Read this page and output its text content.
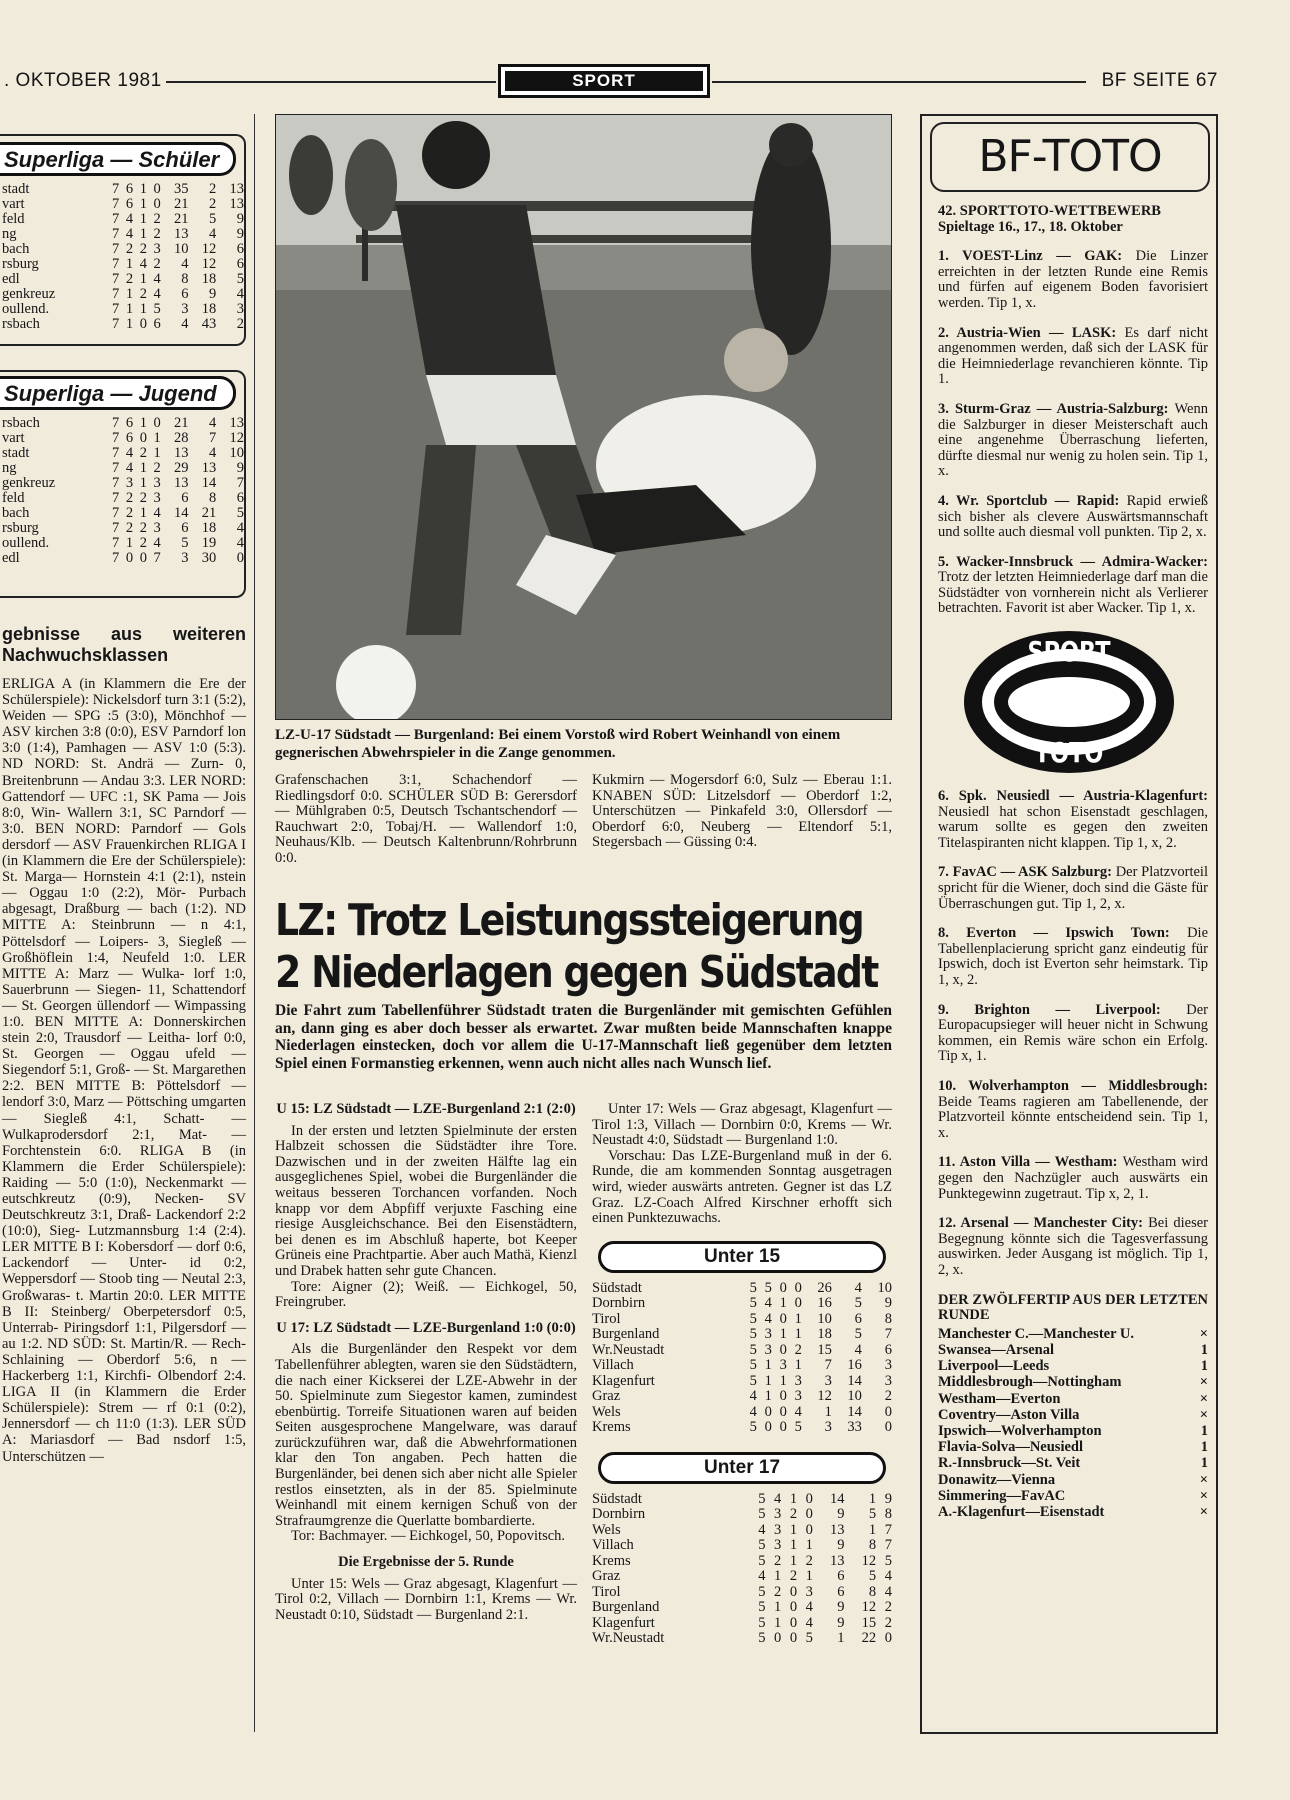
. OKTOBER 1981	SPORT	BF SEITE 67
Superliga — Schüler
stadt	7	6	1	0	35	2	13
vart	7	6	1	0	21	2	13
feld	7	4	1	2	21	5	9
ng	7	4	1	2	13	4	9
bach	7	2	2	3	10	12	6
rsburg	7	1	4	2	4	12	6
edl	7	2	1	4	8	18	5
genkreuz	7	1	2	4	6	9	4
oullend.	7	1	1	5	3	18	3
rsbach	7	1	0	6	4	43	2
Superliga — Jugend
rsbach	7	6	1	0	21	4	13
vart	7	6	0	1	28	7	12
stadt	7	4	2	1	13	4	10
ng	7	4	1	2	29	13	9
genkreuz	7	3	1	3	13	14	7
feld	7	2	2	3	6	8	6
bach	7	2	1	4	14	21	5
rsburg	7	2	2	3	6	18	4
oullend.	7	1	2	4	5	19	4
edl	7	0	0	7	3	30	0
gebnisse aus weiteren Nachwuchsklassen

ERLIGA A (in Klammern die Ere der Schülerspiele): Nickelsdorf turn 3:1 (5:2), Weiden — SPG :5 (3:0), Mönchhof — ASV kirchen 3:8 (0:0), ESV Parndorf lon 3:0 (1:4), Pamhagen — ASV 1:0 (5:3). ND NORD: St. Andrä — Zurn- 0, Breitenbrunn — Andau 3:3. LER NORD: Gattendorf — UFC :1, SK Pama — Jois 8:0, Win- Wallern 3:1, SC Parndorf — 3:0. BEN NORD: Parndorf — Gols dersdorf — ASV Frauenkirchen RLIGA I (in Klammern die Ere der Schülerspiele): St. Marga— Hornstein 4:1 (2:1), nstein — Oggau 1:0 (2:2), Mör- Purbach abgesagt, Draßburg — bach (1:2). ND MITTE A: Steinbrunn — n 4:1, Pöttelsdorf — Loipers- 3, Siegleß — Großhöflein 1:4, Neufeld 1:0. LER MITTE A: Marz — Wulka- lorf 1:0, Sauerbrunn — Siegen- 11, Schattendorf — St. Georgen üllendorf — Wimpassing 1:0. BEN MITTE A: Donnerskirchen stein 2:0, Trausdorf — Leitha- lorf 0:0, St. Georgen — Oggau ufeld — Siegendorf 5:1, Groß- — St. Margarethen 2:2. BEN MITTE B: Pöttelsdorf — lendorf 3:0, Marz — Pöttsching umgarten — Siegleß 4:1, Schatt- — Wulkaprodersdorf 2:1, Mat- — Forchtenstein 6:0. RLIGA B (in Klammern die Erder Schülerspiele): Raiding — 5:0 (1:0), Neckenmarkt — eutschkreutz (0:9), Necken- SV Deutschkreutz 3:1, Draß- Lackendorf 2:2 (10:0), Sieg- Lutzmannsburg 1:4 (2:4). LER MITTE B I: Kobersdorf — dorf 0:6, Lackendorf — Unter- id 0:2, Weppersdorf — Stoob ting — Neutal 2:3, Großwaras- t. Martin 20:0. LER MITTE B II: Steinberg/ Oberpetersdorf 0:5, Unterrab- Piringsdorf 1:1, Pilgersdorf — au 1:2. ND SÜD: St. Martin/R. — Rech- Schlaining — Oberdorf 5:6, n — Hackerberg 1:1, Kirchfi- Olbendorf 2:4. LIGA II (in Klammern die Erder Schülerspiele): Strem — rf 0:1 (0:2), Jennersdorf — ch 11:0 (1:3). LER SÜD A: Mariasdorf — Bad nsdorf 1:5, Unterschützen —

LZ-U-17 Südstadt — Burgenland: Bei einem Vorstoß wird Robert Weinhandl von einem gegnerischen Abwehrspieler in die Zange genommen.
Grafenschachen 3:1, Schachendorf — Riedlingsdorf 0:0. SCHÜLER SÜD B: Gerersdorf — Mühlgraben 0:5, Deutsch Tschantschendorf — Rauchwart 2:0, Tobaj/H. — Wallendorf 1:0, Neuhaus/Klb. — Deutsch Kaltenbrunn/Rohrbrunn 0:0.
Kukmirn — Mogersdorf 6:0, Sulz — Eberau 1:1. KNABEN SÜD: Litzelsdorf — Oberdorf 1:2, Unterschützen — Pinkafeld 3:0, Ollersdorf — Oberdorf 6:0, Neuberg — Eltendorf 5:1, Stegersbach — Güssing 0:4.
LZ: Trotz Leistungssteigerung
2 Niederlagen gegen Südstadt
Die Fahrt zum Tabellenführer Südstadt traten die Burgenländer mit gemischten Gefühlen an, dann ging es aber doch besser als erwartet. Zwar mußten beide Mannschaften knappe Niederlagen einstecken, doch vor allem die U-17-Mannschaft ließ gegenüber dem letzten Spiel einen Formanstieg erkennen, wenn auch nicht alles nach Wunsch lief.

U 15: LZ Südstadt — LZE-Burgenland 2:1 (2:0)

In der ersten und letzten Spielminute der ersten Halbzeit schossen die Südstädter ihre Tore. Dazwischen und in der zweiten Hälfte lag ein ausgeglichenes Spiel, wobei die Burgenländer die weitaus besseren Torchancen vorfanden. Noch knapp vor dem Abpfiff verjuxte Fasching eine riesige Ausgleichschance. Bei den Eisenstädtern, bei denen es im Abschluß haperte, bot Keeper Grüneis eine Prachtpartie. Aber auch Mathä, Kienzl und Drabek hatten sehr gute Chancen.

Tore: Aigner (2); Weiß. — Eichkogel, 50, Freingruber.

U 17: LZ Südstadt — LZE-Burgenland 1:0 (0:0)

Als die Burgenländer den Respekt vor dem Tabellenführer ablegten, waren sie den Südstädtern, die nach einer Kickserei der LZE-Abwehr in der 50. Spielminute zum Siegestor kamen, zumindest ebenbürtig. Torreife Situationen waren auf beiden Seiten ausgesprochene Mangelware, was darauf zurückzuführen war, daß die Abwehrformationen klar den Ton angaben. Pech hatten die Burgenländer, bei denen sich aber nicht alle Spieler restlos einsetzten, als in der 85. Spielminute Weinhandl mit einem kernigen Schuß von der Strafraumgrenze die Querlatte bombardierte.

Tor: Bachmayer. — Eichkogel, 50, Popovitsch.

Die Ergebnisse der 5. Runde

Unter 15: Wels — Graz abgesagt, Klagenfurt — Tirol 0:2, Villach — Dornbirn 1:1, Krems — Wr. Neustadt 0:10, Südstadt — Burgenland 2:1.

Unter 17: Wels — Graz abgesagt, Klagenfurt — Tirol 1:3, Villach — Dornbirn 0:0, Krems — Wr. Neustadt 4:0, Südstadt — Burgenland 1:0.

Vorschau: Das LZE-Burgenland muß in der 6. Runde, die am kommenden Sonntag ausgetragen wird, wieder auswärts antreten. Gegner ist das LZ Graz. LZ-Coach Alfred Kirschner erhofft sich einen Punktezuwachs.

Unter 15
Südstadt	5	5	0	0	26	4	10
Dornbirn	5	4	1	0	16	5	9
Tirol	5	4	0	1	10	6	8
Burgenland	5	3	1	1	18	5	7
Wr.Neustadt	5	3	0	2	15	4	6
Villach	5	1	3	1	7	16	3
Klagenfurt	5	1	1	3	3	14	3
Graz	4	1	0	3	12	10	2
Wels	4	0	0	4	1	14	0
Krems	5	0	0	5	3	33	0
Unter 17
Südstadt	5	4	1	0	14	1	9
Dornbirn	5	3	2	0	9	5	8
Wels	4	3	1	0	13	1	7
Villach	5	3	1	1	9	8	7
Krems	5	2	1	2	13	12	5
Graz	4	1	2	1	6	5	4
Tirol	5	2	0	3	6	8	4
Burgenland	5	1	0	4	9	12	2
Klagenfurt	5	1	0	4	9	15	2
Wr.Neustadt	5	0	0	5	1	22	0
BF-TOTO
42. SPORTTOTO-WETTBEWERB
Spieltage 16., 17., 18. Oktober
1. VOEST-Linz — GAK: Die Linzer erreichten in der letzten Runde eine Remis und fürfen auf eigenem Boden favorisiert werden. Tip 1, x.
2. Austria-Wien — LASK: Es darf nicht angenommen werden, daß sich der LASK für die Heimniederlage revanchieren könnte. Tip 1.
3. Sturm-Graz — Austria-Salzburg: Wenn die Salzburger in dieser Meisterschaft auch eine angenehme Überraschung lieferten, dürfte diesmal nur wenig zu holen sein. Tip 1, x.
4. Wr. Sportclub — Rapid: Rapid erwieß sich bisher als clevere Auswärtsmannschaft und sollte auch diesmal voll punkten. Tip 2, x.
5. Wacker-Innsbruck — Admira-Wacker: Trotz der letzten Heimniederlage darf man die Südstädter von vornherein nicht als Verlierer betrachten. Favorit ist aber Wacker. Tip 1, x.
SPORT
TOTO
6. Spk. Neusiedl — Austria-Klagenfurt: Neusiedl hat schon Eisenstadt geschlagen, warum sollte es gegen den zweiten Titelaspiranten nicht klappen. Tip 1, x, 2.
7. FavAC — ASK Salzburg: Der Platzvorteil spricht für die Wiener, doch sind die Gäste für Überraschungen gut. Tip 1, 2, x.
8. Everton — Ipswich Town: Die Tabellenplacierung spricht ganz eindeutig für Ipswich, doch ist Everton sehr heimstark. Tip 1, x, 2.
9. Brighton — Liverpool: Der Europacupsieger will heuer nicht in Schwung kommen, ein Remis wäre schon ein Erfolg. Tip x, 1.
10. Wolverhampton — Middlesbrough: Beide Teams ragieren am Tabellenende, der Platzvorteil könnte entscheidend sein. Tip 1, x.
11. Aston Villa — Westham: Westham wird gegen den Nachzügler auch auswärts ein Punktegewinn zugetraut. Tip x, 2, 1.
12. Arsenal — Manchester City: Bei dieser Begegnung könnte sich die Tagesverfassung auswirken. Jeder Ausgang ist möglich. Tip 1, 2, x.
DER ZWÖLFERTIP AUS DER LETZTEN RUNDE
Manchester C.—Manchester U.	×
Swansea—Arsenal	1
Liverpool—Leeds	1
Middlesbrough—Nottingham	×
Westham—Everton	×
Coventry—Aston Villa	×
Ipswich—Wolverhampton	1
Flavia-Solva—Neusiedl	1
R.-Innsbruck—St. Veit	1
Donawitz—Vienna	×
Simmering—FavAC	×
A.-Klagenfurt—Eisenstadt	×
